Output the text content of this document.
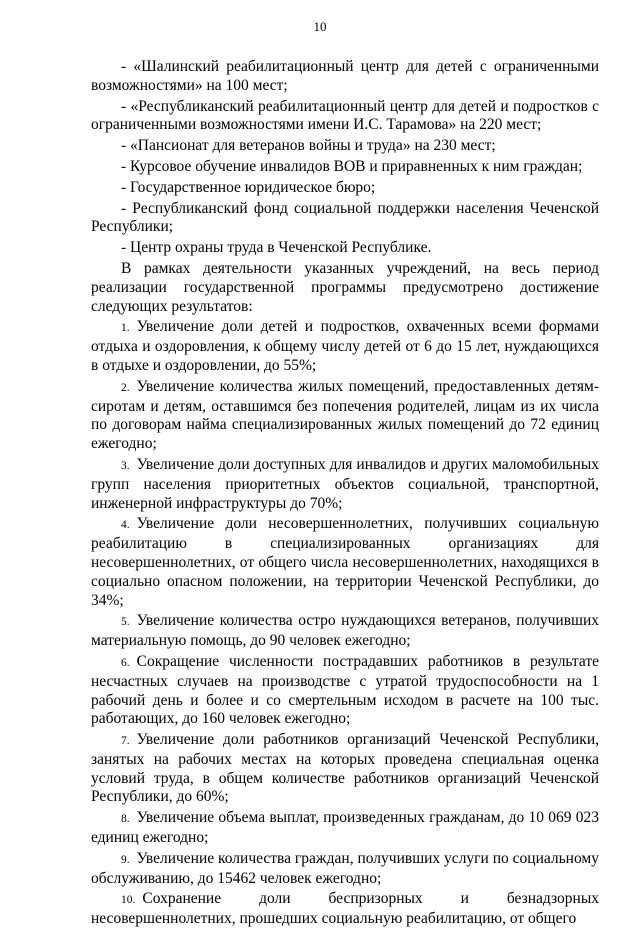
10

- «Шалинский реабилитационный центр для детей с ограниченными возможностями» на 100 мест;

- «Республиканский реабилитационный центр для детей и подростков с ограниченными возможностями имени И.С. Тарамова» на 220 мест;

- «Пансионат для ветеранов войны и труда» на 230 мест;

- Курсовое обучение инвалидов ВОВ и приравненных к ним граждан;

- Государственное юридическое бюро;

- Республиканский фонд социальной поддержки населения Чеченской Республики;

- Центр охраны труда в Чеченской Республике.

В рамках деятельности указанных учреждений, на весь период реализации государственной программы предусмотрено достижение следующих результатов:

1. Увеличение доли детей и подростков, охваченных всеми формами отдыха и оздоровления, к общему числу детей от 6 до 15 лет, нуждающихся в отдыхе и оздоровлении, до 55%;

2. Увеличение количества жилых помещений, предоставленных детям-сиротам и детям, оставшимся без попечения родителей, лицам из их числа по договорам найма специализированных жилых помещений до 72 единиц ежегодно;

3. Увеличение доли доступных для инвалидов и других маломобильных групп населения приоритетных объектов социальной, транспортной, инженерной инфраструктуры до 70%;

4. Увеличение доли несовершеннолетних, получивших социальную реабилитацию в специализированных организациях для несовершеннолетних, от общего числа несовершеннолетних, находящихся в социально опасном положении, на территории Чеченской Республики, до 34%;

5. Увеличение количества остро нуждающихся ветеранов, получивших материальную помощь, до 90 человек ежегодно;

6. Сокращение численности пострадавших работников в результате несчастных случаев на производстве с утратой трудоспособности на 1 рабочий день и более и со смертельным исходом в расчете на 100 тыс. работающих, до 160 человек ежегодно;

7. Увеличение доли работников организаций Чеченской Республики, занятых на рабочих местах на которых проведена специальная оценка условий труда, в общем количестве работников организаций Чеченской Республики, до 60%;

8. Увеличение объема выплат, произведенных гражданам, до 10 069 023 единиц ежегодно;

9. Увеличение количества граждан, получивших услуги по социальному обслуживанию, до 15462 человек ежегодно;

10. Сохранение доли беспризорных и безнадзорных несовершеннолетних, прошедших социальную реабилитацию, от общего
